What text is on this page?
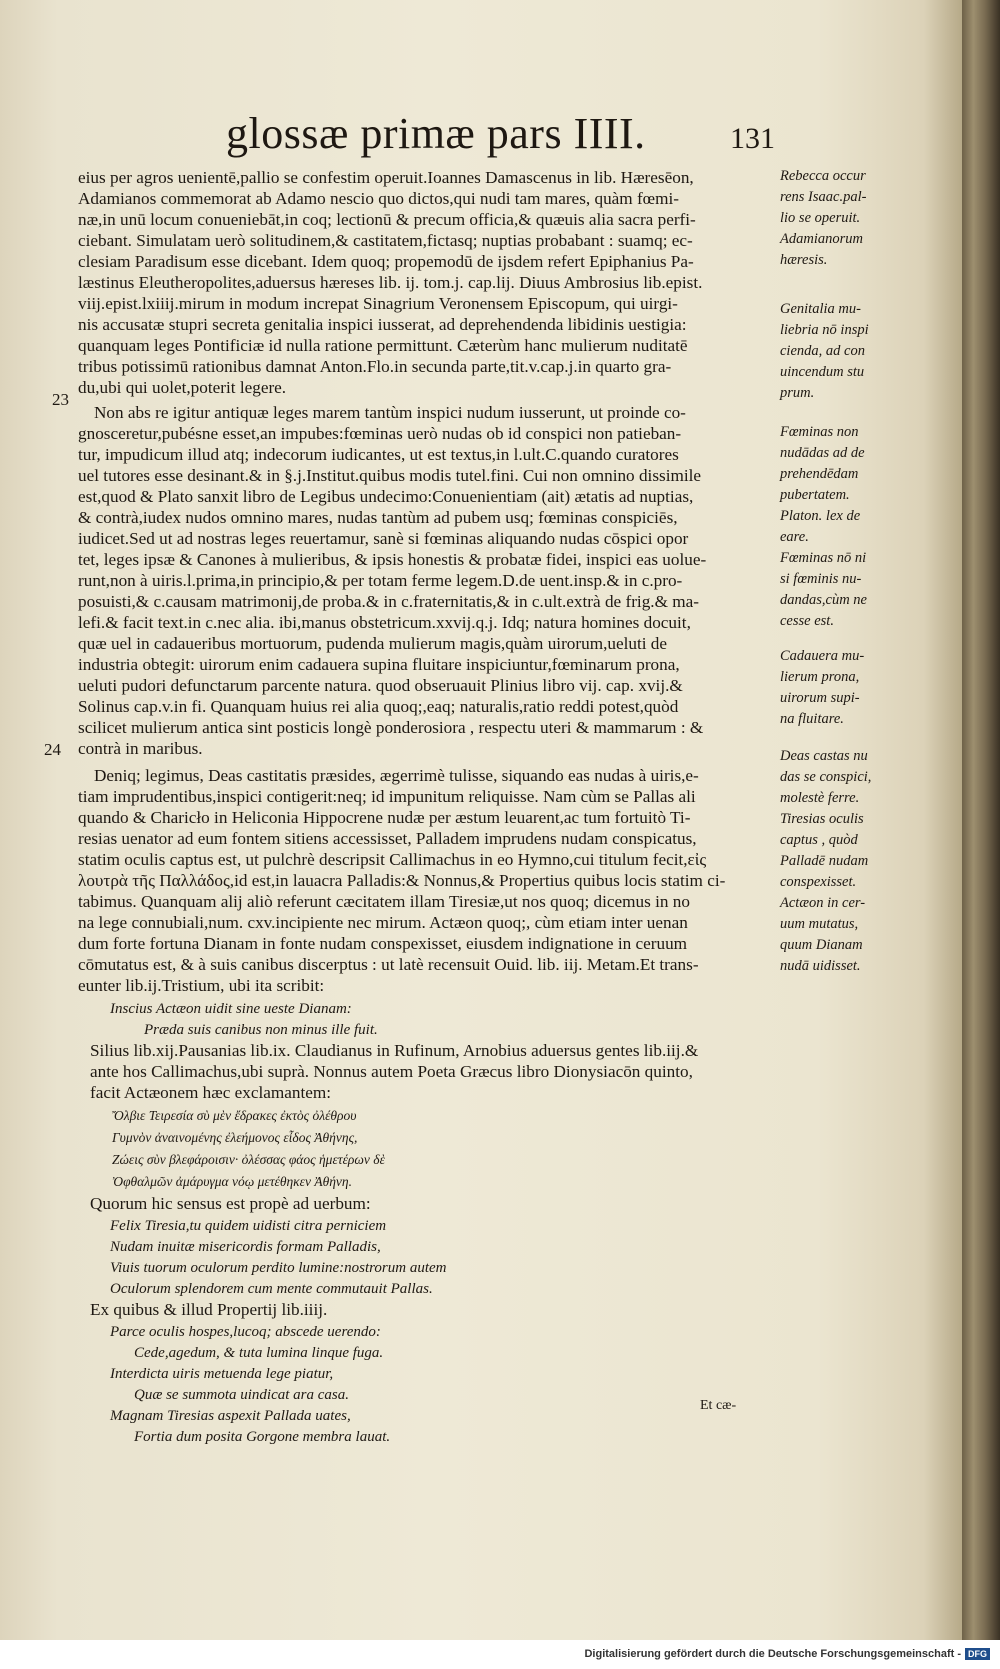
glossæ primæ pars IIII.	131
eius per agros uenientē,pallio se confestim operuit.Ioannes Damascenus in lib. Hæresēon,
Adamianos commemorat ab Adamo nescio quo dictos,qui nudi tam mares, quàm fœmi-
næ,in unū locum conueniebāt,in coq; lectionū & precum officia,& quæuis alia sacra perfi-
ciebant. Simulatam uerò solitudinem,& castitatem,fictasq; nuptias probabant : suamq; ec-
clesiam Paradisum esse dicebant. Idem quoq; propemodū de ijsdem refert Epiphanius Pa-
læstinus Eleutheropolites,aduersus hæreses lib. ij. tom.j. cap.lij. Diuus Ambrosius lib.epist.
viij.epist.lxiiij.mirum in modum increpat Sinagrium Veronensem Episcopum, qui uirgi-
nis accusatæ stupri secreta genitalia inspici iusserat, ad deprehendenda libidinis uestigia:
quanquam leges Pontificiæ id nulla ratione permittunt. Cæterùm hanc mulierum nuditatē
tribus potissimū rationibus damnat Anton.Flo.in secunda parte,tit.v.cap.j.in quarto gra-
du,ubi qui uolet,poterit legere.
Non abs re igitur antiquæ leges marem tantùm inspici nudum iusserunt, ut proinde co-
gnosceretur,pubésne esset,an impubes:fœminas uerò nudas ob id conspici non patieban-
tur, impudicum illud atq; indecorum iudicantes, ut est textus,in l.ult.C.quando curatores
uel tutores esse desinant.& in §.j.Institut.quibus modis tutel.fini. Cui non omnino dissimile
est,quod & Plato sanxit libro de Legibus undecimo:Conuenientiam (ait) ætatis ad nuptias,
& contrà,iudex nudos omnino mares, nudas tantùm ad pubem usq; fœminas conspiciēs,
iudicet.Sed ut ad nostras leges reuertamur, sanè si fœminas aliquando nudas cōspici opor
tet, leges ipsæ & Canones à mulieribus, & ipsis honestis & probatæ fidei, inspici eas uolue-
runt,non à uiris.l.prima,in principio,& per totam ferme legem.D.de uent.insp.& in c.pro-
posuisti,& c.causam matrimonij,de proba.& in c.fraternitatis,& in c.ult.extrà de frig.& ma-
lefi.& facit text.in c.nec alia. ibi,manus obstetricum.xxvij.q.j. Idq; natura homines docuit,
quæ uel in cadaueribus mortuorum, pudenda mulierum magis,quàm uirorum,ueluti de
industria obtegit: uirorum enim cadauera supina fluitare inspiciuntur,fœminarum prona,
ueluti pudori defunctarum parcente natura. quod obseruauit Plinius libro vij. cap. xvij.&
Solinus cap.v.in fi. Quanquam huius rei alia quoq;,eaq; naturalis,ratio reddi potest,quòd
scilicet mulierum antica sint posticis longè ponderosiora , respectu uteri & mammarum : &
contrà in maribus.
Deniq; legimus, Deas castitatis præsides, ægerrimè tulisse, siquando eas nudas à uiris,e-
tiam imprudentibus,inspici contigerit:neq; id impunitum reliquisse. Nam cùm se Pallas ali
quando & Charicło in Heliconia Hippocrene nudæ per æstum leuarent,ac tum fortuitò Ti-
resias uenator ad eum fontem sitiens accessisset, Palladem imprudens nudam conspicatus,
statim oculis captus est, ut pulchrè descripsit Callimachus in eo Hymno,cui titulum fecit,εἰς
λουτρὰ τῆς Παλλάδος,id est,in lauacra Palladis:& Nonnus,& Propertius quibus locis statim ci-
tabimus. Quanquam alij aliò referunt cæcitatem illam Tiresiæ,ut nos quoq; dicemus in no
na lege connubiali,num. cxv.incipiente nec mirum. Actæon quoq;, cùm etiam inter uenan
dum forte fortuna Dianam in fonte nudam conspexisset, eiusdem indignatione in ceruum
cōmutatus est, & à suis canibus discerptus : ut latè recensuit Ouid. lib. iij. Metam.Et trans-
eunter lib.ij.Tristium, ubi ita scribit:
Inscius Actæon uidit sine ueste Dianam:
Præda suis canibus non minus ille fuit.
Silius lib.xij.Pausanias lib.ix. Claudianus in Rufinum, Arnobius aduersus gentes lib.iij.&
ante hos Callimachus,ubi suprà. Nonnus autem Poeta Græcus libro Dionysiacōn quinto,
facit Actæonem hæc exclamantem:
Ὄλβιε Τειρεσία σὺ μὲν ἔδρακες ἐκτὸς ὀλέθρου
Γυμνὸν ἀναινομένης ἐλεήμονος εἶδος Ἀθήνης,
Ζώεις σὺν βλεφάροισιν· ὀλέσσας φάος ἡμετέρων δὲ
Ὀφθαλμῶν ἀμάρυγμα νόῳ μετέθηκεν Ἀθήνη.
Quorum hic sensus est propè ad uerbum:
Felix Tiresia,tu quidem uidisti citra perniciem
Nudam inuitæ misericordis formam Palladis,
Viuis tuorum oculorum perdito lumine:nostrorum autem
Oculorum splendorem cum mente commutauit Pallas.
Ex quibus & illud Propertij lib.iiij.
Parce oculis hospes,lucoq; abscede uerendo:
Cede,agedum, & tuta lumina linque fuga.
Interdicta uiris metuenda lege piatur,
Quæ se summota uindicat ara casa.
Magnam Tiresias aspexit Pallada uates,
Fortia dum posita Gorgone membra lauat.
23
24
Rebecca occur
rens Isaac.pal-
lio se operuit.
Adamianorum
hæresis.
Genitalia mu-
liebria nō inspi
cienda, ad con
uincendum stu
prum.
Fœminas non
nudādas ad de
prehendēdam
pubertatem.
Platon. lex de
eare.
Fœminas nō ni
si fœminis nu-
dandas,cùm ne
cesse est.
Cadauera mu-
lierum prona,
uirorum supi-
na fluitare.
Deas castas nu
das se conspici,
molestè ferre.
Tiresias oculis
captus , quòd
Palladē nudam
conspexisset.
Actæon in cer-
uum mutatus,
quum Dianam
nudā uidisset.
Et cæ-
Digitalisierung gefördert durch die Deutsche Forschungsgemeinschaft - DFG
